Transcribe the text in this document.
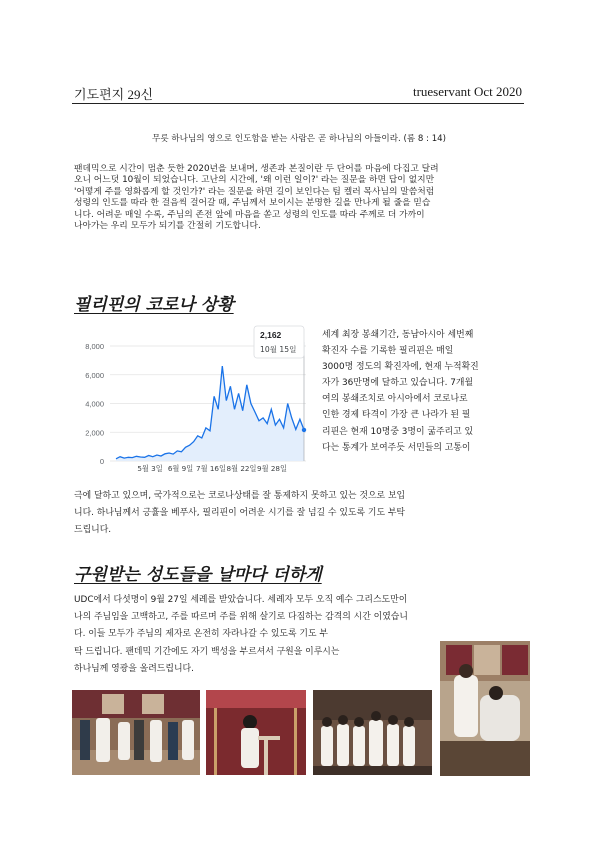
기도편지 29신	trueservant Oct 2020
무릇 하나님의 영으로 인도함을 받는 사람은 곧 하나님의 아들이라. (롬 8 : 14)
팬데믹으로 시간이 멈춘 듯한 2020년을 보내며, 생존과 본질이란 두 단어를 마음에 다집고 달려
오니 어느덧 10월이 되었습니다. 고난의 시간에, '왜 이런 일이?' 라는 질문을 하면 답이 없지만
'어떻게 주를 영화롭게 할 것인가?' 라는 질문을 하면 길이 보인다는 팀 켈러 목사님의 말씀처럼
성령의 인도를 따라 한 걸음씩 걸어갈 때, 주님께서 보이시는 분명한 길을 만나게 될 줄을 믿습
니다. 어려운 매일 수록, 주님의 존전 앞에 마음을 쏟고 성령의 인도를 따라 주께로 더 가까이
나아가는 우리 모두가 되기를 간절히 기도합니다.
필리핀의 코로나 상황
0
2,000
4,000
6,000
8,000
5월 3일 6월 9일 7월 16일 8월 22일 9월 28일
2,162
10월 15일
세계 최장 봉쇄기간, 동남아시아 세번째
확진자 수를 기록한 필리핀은 매일
3000명 정도의 확진자에, 현재 누적확진
자가 36만명에 달하고 있습니다. 7개월
여의 봉쇄조치로 아시아에서 코로나로
인한 경제 타격이 가장 큰 나라가 된 필
리핀은 현재 10명중 3명이 굶주리고 있
다는 통계가 보여주듯 서민들의 고통이
극에 달하고 있으며, 국가적으로는 코로나상태를 잘 통제하지 못하고 있는 것으로 보입
니다. 하나님께서 긍휼을 베푸사, 필리핀이 어려운 시기를 잘 넘길 수 있도록 기도 부탁
드립니다.
구원받는 성도들을 날마다 더하게
UDC에서 다섯명이 9월 27일 세례를 받았습니다. 세례자 모두 오직 예수 그리스도만이
나의 주님임을 고백하고, 주를 따르며 주를 위해 살기로 다짐하는 감격의 시간 이였습니
다. 이들 모두가 주님의 제자로 온전히 자라나갈 수 있도록 기도 부
탁 드립니다. 팬데믹 기간에도 자기 백성을 부르셔서 구원을 이루시는
하나님께 영광을 올려드립니다.
